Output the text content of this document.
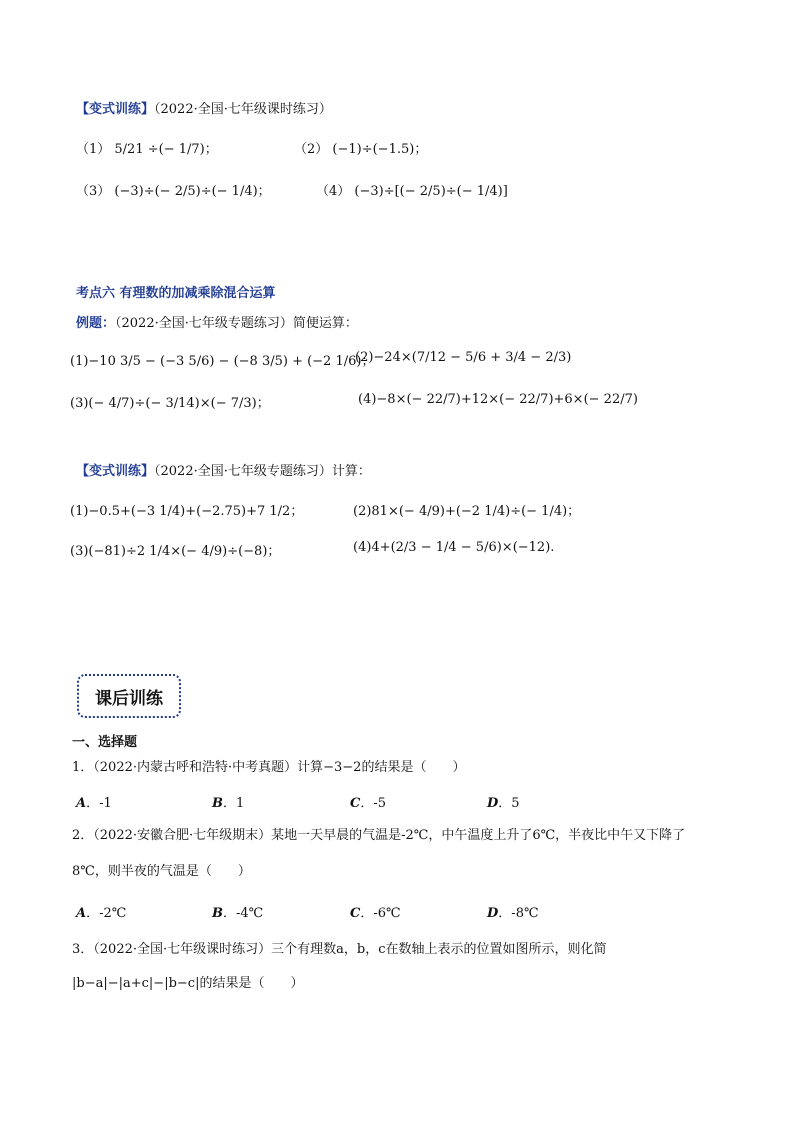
【变式训练】（2022·全国·七年级课时练习）
（1） 5/21 ÷(− 1/7)；	（2） (−1)÷(−1.5)；
（3） (−3)÷(− 2/5)÷(− 1/4)；	（4） (−3)÷[(− 2/5)÷(− 1/4)]
考点六 有理数的加减乘除混合运算
例题：（2022·全国·七年级专题练习）简便运算：
(1)−10 3/5 − (−3 5/6) − (−8 3/5) + (−2 1/6)；
(2)−24×(7/12 − 5/6 + 3/4 − 2/3)
(3)(− 4/7)÷(− 3/14)×(− 7/3)；	(4)−8×(− 22/7)+12×(− 22/7)+6×(− 22/7)
【变式训练】（2022·全国·七年级专题练习）计算：
(1)−0.5+(−3 1/4)+(−2.75)+7 1/2；	(2)81×(− 4/9)+(−2 1/4)÷(− 1/4)；
(3)(−81)÷2 1/4×(− 4/9)÷(−8)；	(4)4+(2/3 − 1/4 − 5/6)×(−12).
课后训练
一、选择题
1．（2022·内蒙古呼和浩特·中考真题）计算−3−2的结果是（　　）
A．-1	B．1	C．-5	D．5
2．（2022·安徽合肥·七年级期末）某地一天早晨的气温是-2℃，中午温度上升了6℃，半夜比中午又下降了
8℃，则半夜的气温是（　　）
A．-2℃	B．-4℃	C．-6℃	D．-8℃
3．（2022·全国·七年级课时练习）三个有理数a，b，c在数轴上表示的位置如图所示，则化简
|b−a|−|a+c|−|b−c|的结果是（　　）
